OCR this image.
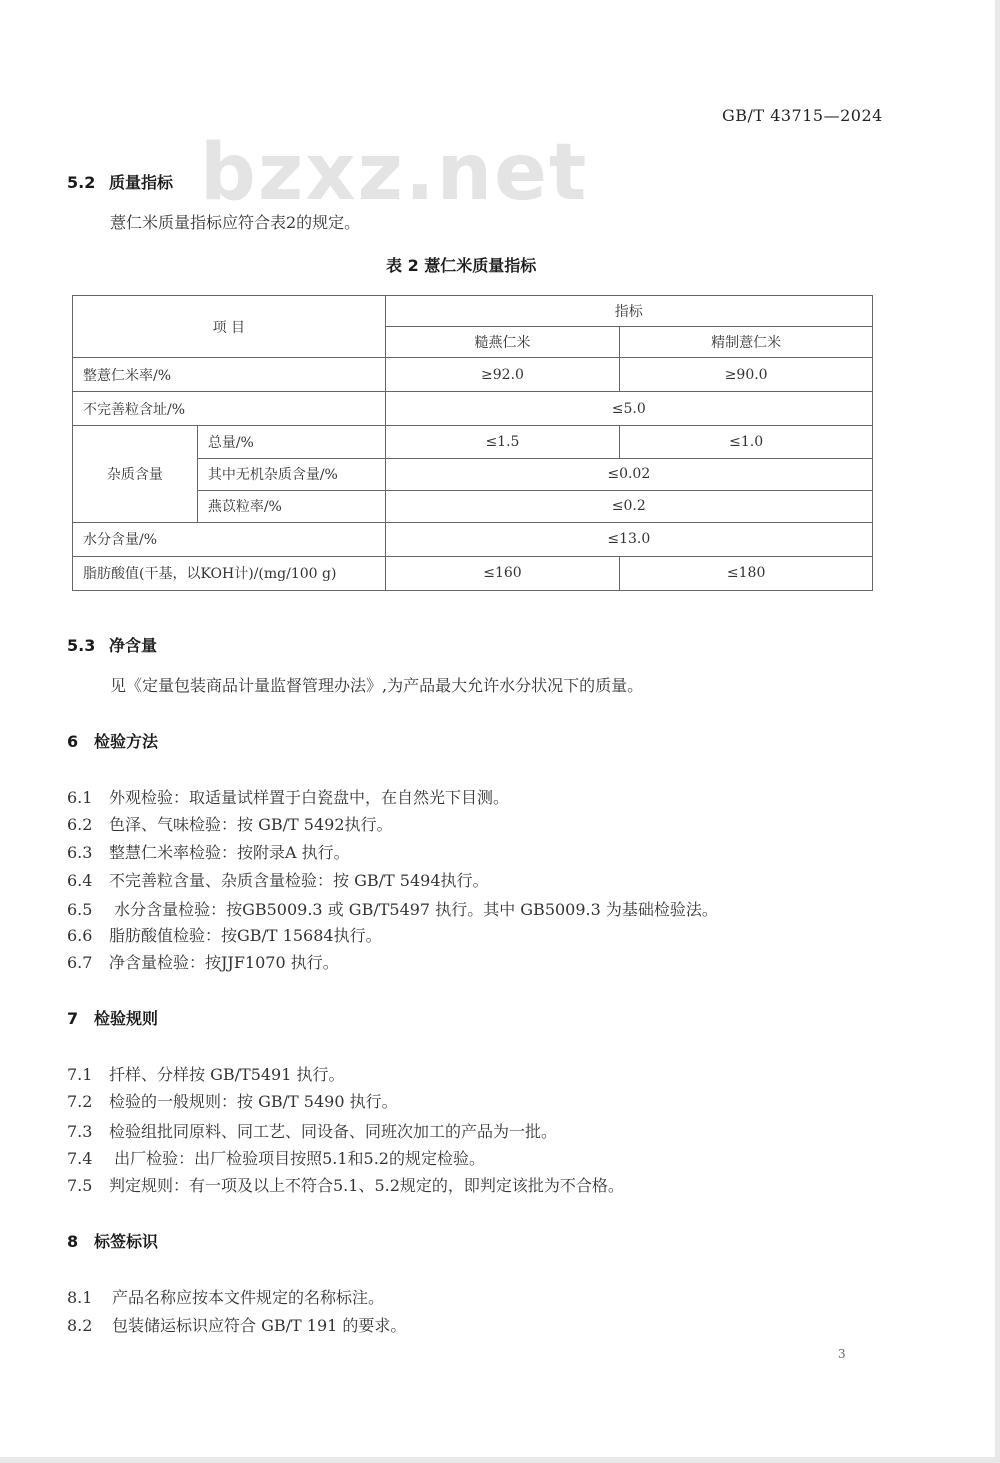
GB/T 43715—2024
bzxz.net
5.2 质量指标
薏仁米质量指标应符合表2的规定。
表 2 薏仁米质量指标
项 目		指标	
		糙燕仁米	精制薏仁米
整薏仁米率/%		≥92.0	≥90.0
不完善粒含址/%		≤5.0	
杂质含量	总量/%	≤1.5	≤1.0
	其中无机杂质含量/%	≤0.02	
	燕苡粒率/%	≤0.2	
水分含量/%		≤13.0	
脂肪酸值(干基，以KOH计)/(mg/100 g)		≤160	≤180
5.3 净含量
见《定量包装商品计量监督管理办法》,为产品最大允许水分状况下的质量。
6 检验方法
6.1 外观检验：取适量试样置于白瓷盘中，在自然光下目测。
6.2 色泽、气味检验：按 GB/T 5492执行。
6.3 整慧仁米率检验：按附录A 执行。
6.4 不完善粒含量、杂质含量检验：按 GB/T 5494执行。
6.5 水分含量检验：按GB5009.3 或 GB/T5497 执行。其中 GB5009.3 为基础检验法。
6.6 脂肪酸值检验：按GB/T 15684执行。
6.7 净含量检验：按JJF1070 执行。
7 检验规则
7.1 扦样、分样按 GB/T5491 执行。
7.2 检验的一般规则：按 GB/T 5490 执行。
7.3 检验组批同原料、同工艺、同设备、同班次加工的产品为一批。
7.4 出厂检验：出厂检验项目按照5.1和5.2的规定检验。
7.5 判定规则：有一项及以上不符合5.1、5.2规定的，即判定该批为不合格。
8 标签标识
8.1 产品名称应按本文件规定的名称标注。
8.2 包装储运标识应符合 GB/T 191 的要求。
3
